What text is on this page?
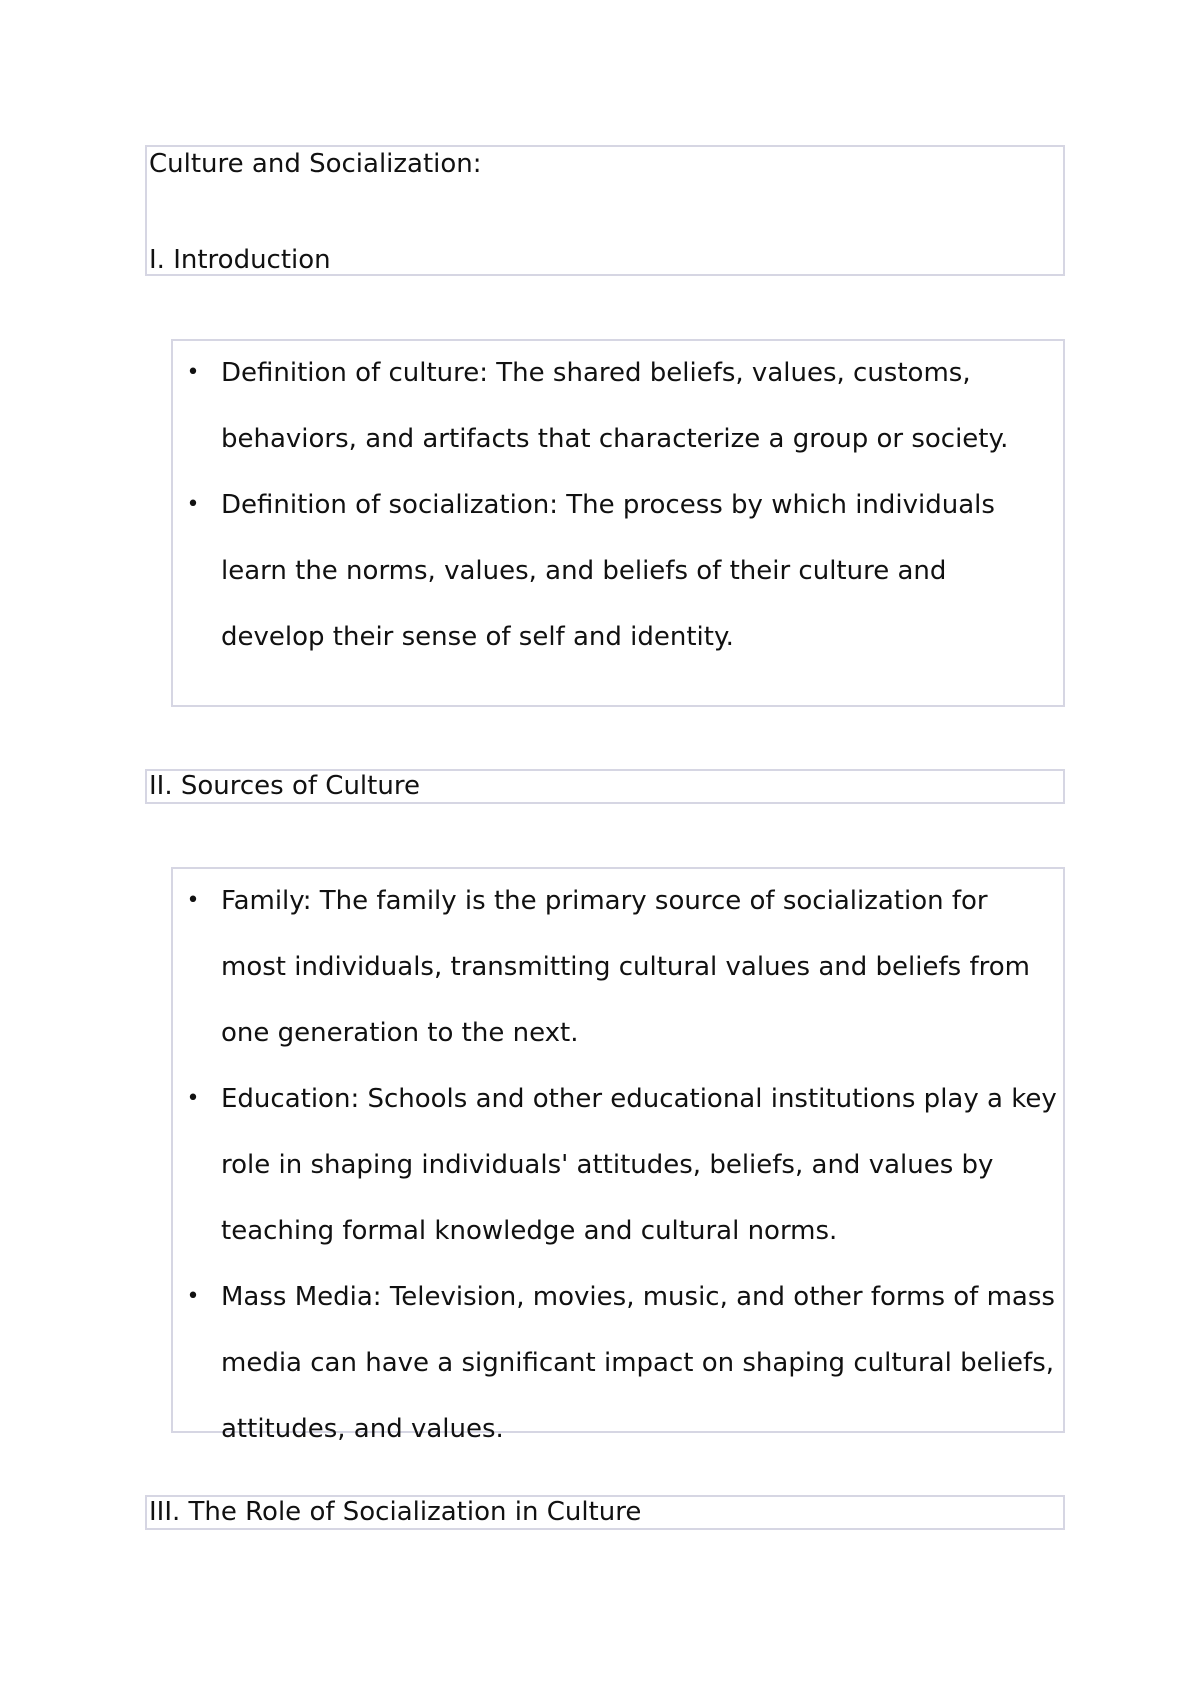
Culture and Socialization:
I. Introduction
• Definition of culture: The shared beliefs, values, customs, behaviors, and artifacts that characterize a group or society.
• Definition of socialization: The process by which individuals learn the norms, values, and beliefs of their culture and develop their sense of self and identity.
II. Sources of Culture
• Family: The family is the primary source of socialization for most individuals, transmitting cultural values and beliefs from one generation to the next.
• Education: Schools and other educational institutions play a key role in shaping individuals' attitudes, beliefs, and values by teaching formal knowledge and cultural norms.
• Mass Media: Television, movies, music, and other forms of mass media can have a significant impact on shaping cultural beliefs, attitudes, and values.
III. The Role of Socialization in Culture
